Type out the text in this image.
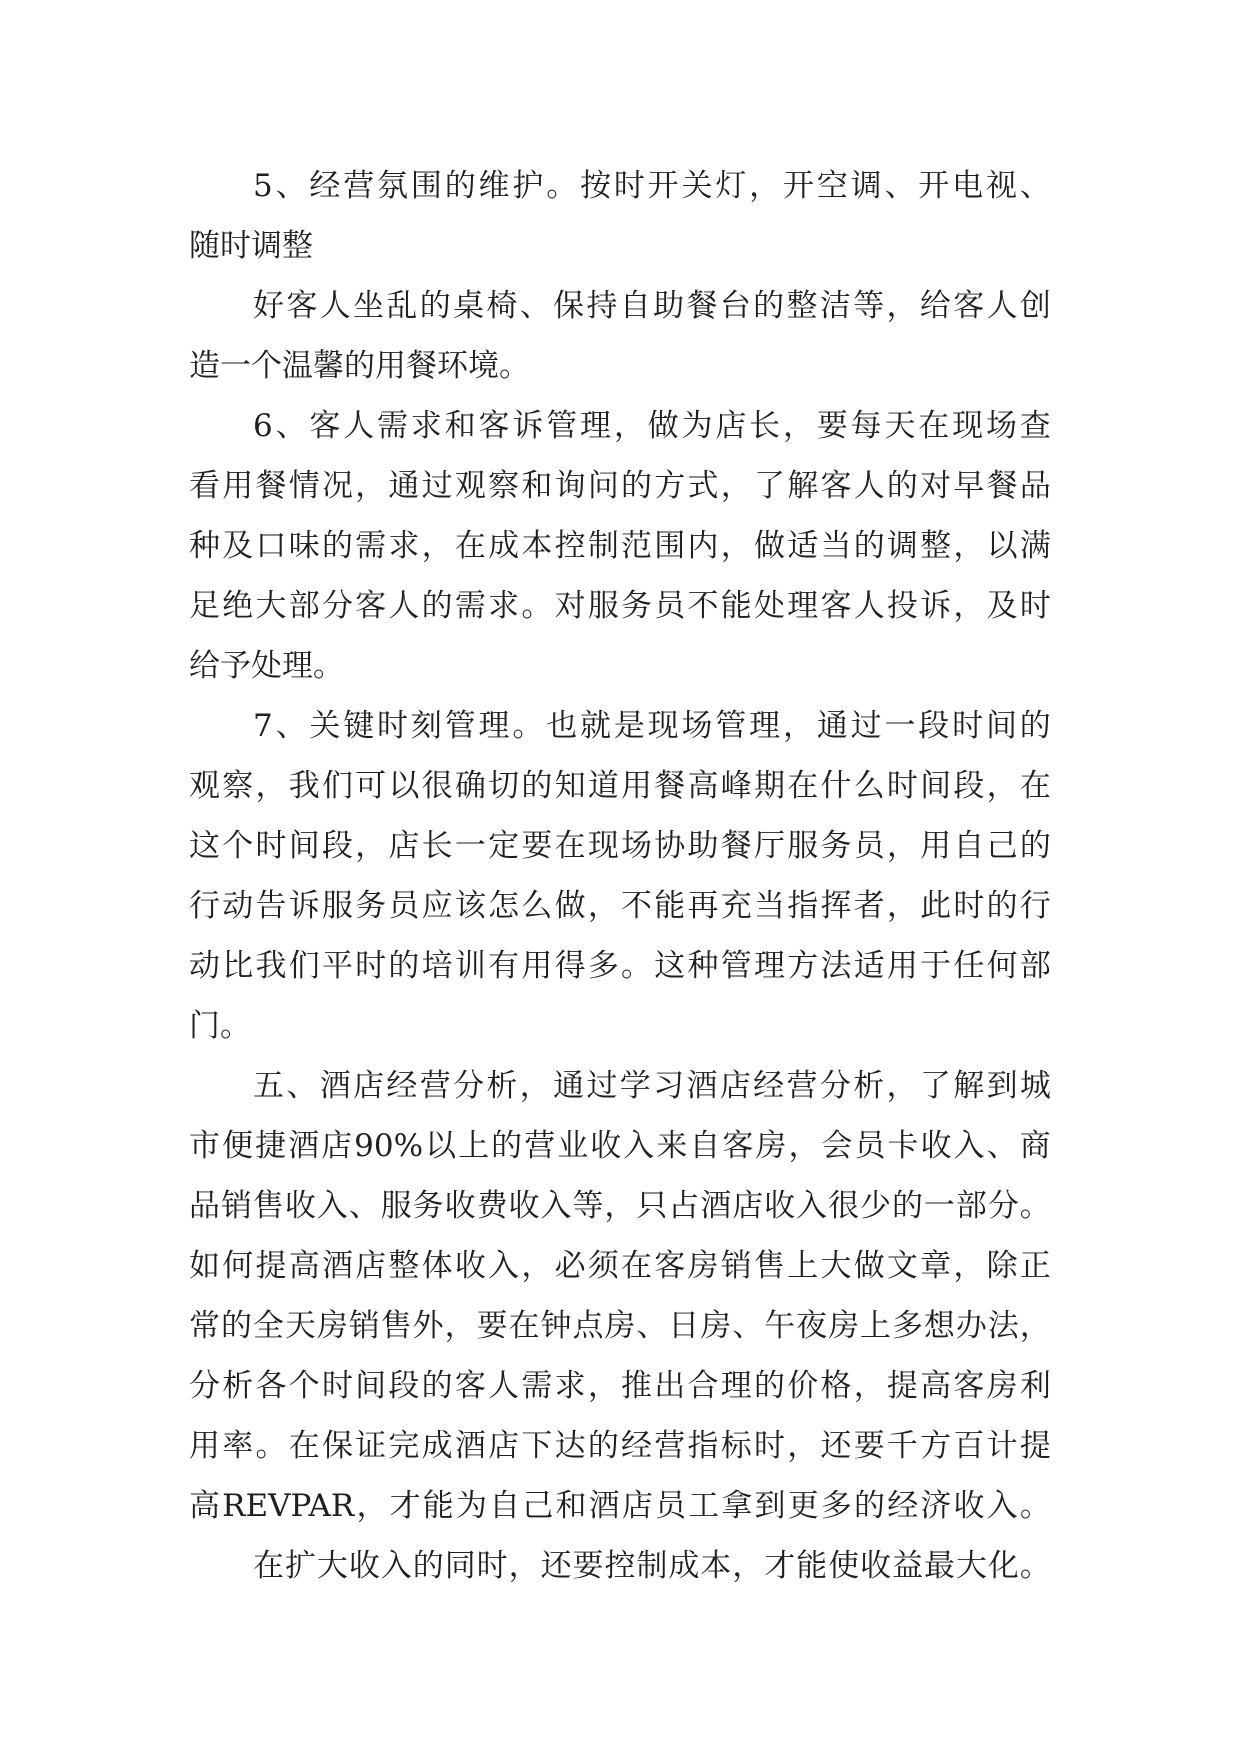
5 、 经 营 氛 围 的 维 护 。 按 时 开 关 灯 ， 开 空 调 、 开 电 视 、
随时调整
好 客 人 坐 乱 的 桌 椅 、 保 持 自 助 餐 台 的 整 洁 等 ， 给 客 人 创
造一个温馨的用餐环境。
6 、 客 人 需 求 和 客 诉 管 理 ， 做 为 店 长 ， 要 每 天 在 现 场 查
看 用 餐 情 况 ， 通 过 观 察 和 询 问 的 方 式 ， 了 解 客 人 的 对 早 餐 品
种 及 口 味 的 需 求 ， 在 成 本 控 制 范 围 内 ， 做 适 当 的 调 整 ， 以 满
足 绝 大 部 分 客 人 的 需 求 。 对 服 务 员 不 能 处 理 客 人 投 诉 ， 及 时
给予处理。
7 、 关 键 时 刻 管 理 。 也 就 是 现 场 管 理 ， 通 过 一 段 时 间 的
观 察 ， 我 们 可 以 很 确 切 的 知 道 用 餐 高 峰 期 在 什 么 时 间 段 ， 在
这 个 时 间 段 ， 店 长 一 定 要 在 现 场 协 助 餐 厅 服 务 员 ， 用 自 己 的
行 动 告 诉 服 务 员 应 该 怎 么 做 ， 不 能 再 充 当 指 挥 者 ， 此 时 的 行
动 比 我 们 平 时 的 培 训 有 用 得 多 。 这 种 管 理 方 法 适 用 于 任 何 部
门。
五 、 酒 店 经 营 分 析 ， 通 过 学 习 酒 店 经 营 分 析 ， 了 解 到 城
市 便 捷 酒 店 90% 以 上 的 营 业 收 入 来 自 客 房 ， 会 员 卡 收 入 、 商
品 销 售 收 入 、 服 务 收 费 收 入 等 ， 只 占 酒 店 收 入 很 少 的 一 部 分 。
如 何 提 高 酒 店 整 体 收 入 ， 必 须 在 客 房 销 售 上 大 做 文 章 ， 除 正
常 的 全 天 房 销 售 外 ， 要 在 钟 点 房 、 日 房 、 午 夜 房 上 多 想 办 法 ，
分 析 各 个 时 间 段 的 客 人 需 求 ， 推 出 合 理 的 价 格 ， 提 高 客 房 利
用 率 。 在 保 证 完 成 酒 店 下 达 的 经 营 指 标 时 ， 还 要 千 方 百 计 提
高 REVPAR ， 才 能 为 自 己 和 酒 店 员 工 拿 到 更 多 的 经 济 收 入 。
在 扩 大 收 入 的 同 时 ， 还 要 控 制 成 本 ， 才 能 使 收 益 最 大 化 。
